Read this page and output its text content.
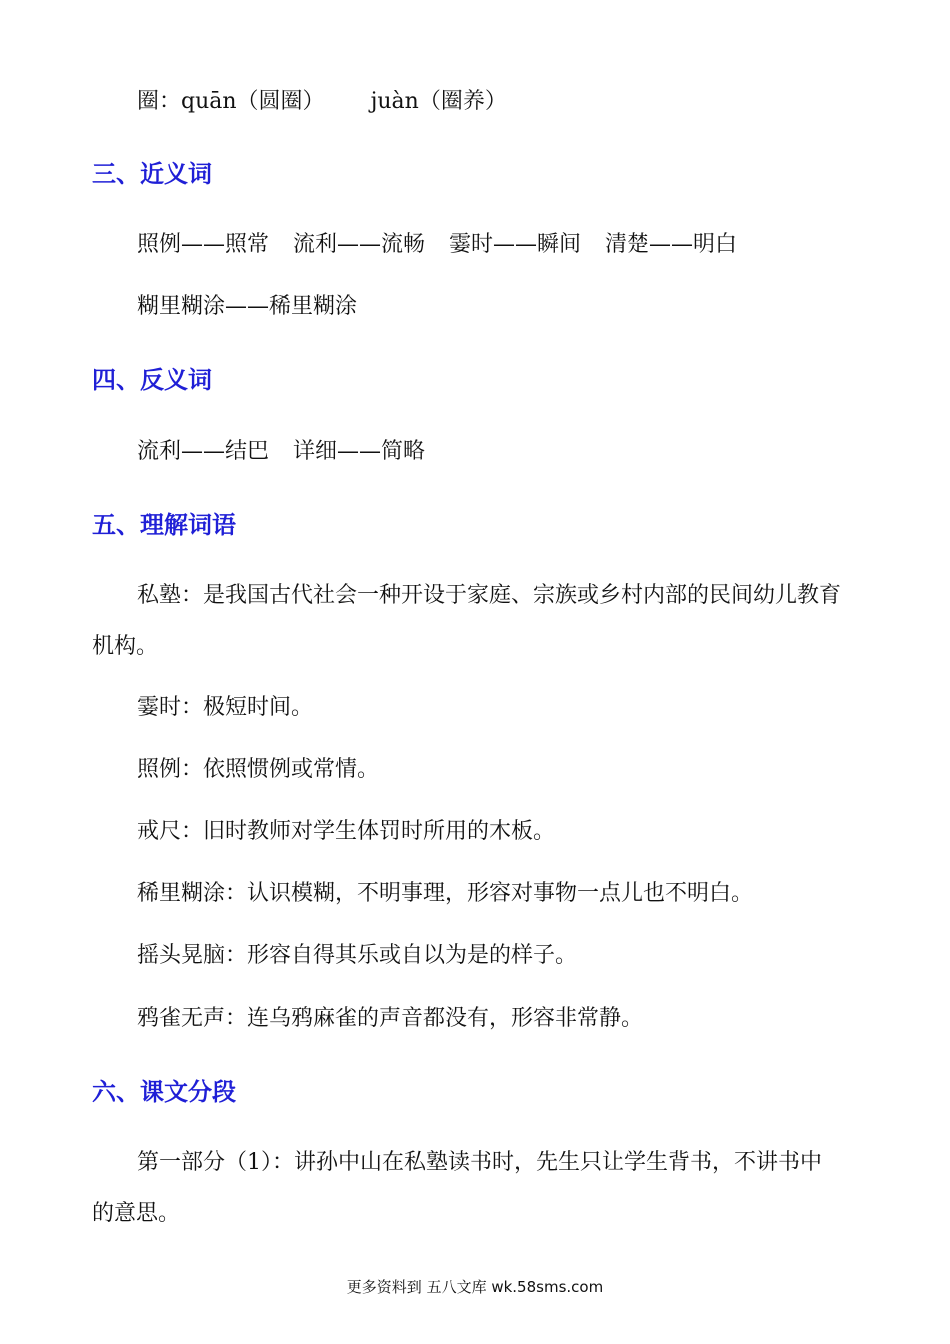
圈：quān（圆圈） juàn（圈养）
三、近义词
照例——照常 流利——流畅 霎时——瞬间 清楚——明白
糊里糊涂——稀里糊涂
四、反义词
流利——结巴 详细——简略
五、理解词语
私塾：是我国古代社会一种开设于家庭、宗族或乡村内部的民间幼儿教育
机构。
霎时：极短时间。
照例：依照惯例或常情。
戒尺：旧时教师对学生体罚时所用的木板。
稀里糊涂：认识模糊，不明事理，形容对事物一点儿也不明白。
摇头晃脑：形容自得其乐或自以为是的样子。
鸦雀无声：连乌鸦麻雀的声音都没有，形容非常静。
六、课文分段
第一部分（1）：讲孙中山在私塾读书时，先生只让学生背书，不讲书中
的意思。
更多资料到 五八文库 wk.58sms.com
